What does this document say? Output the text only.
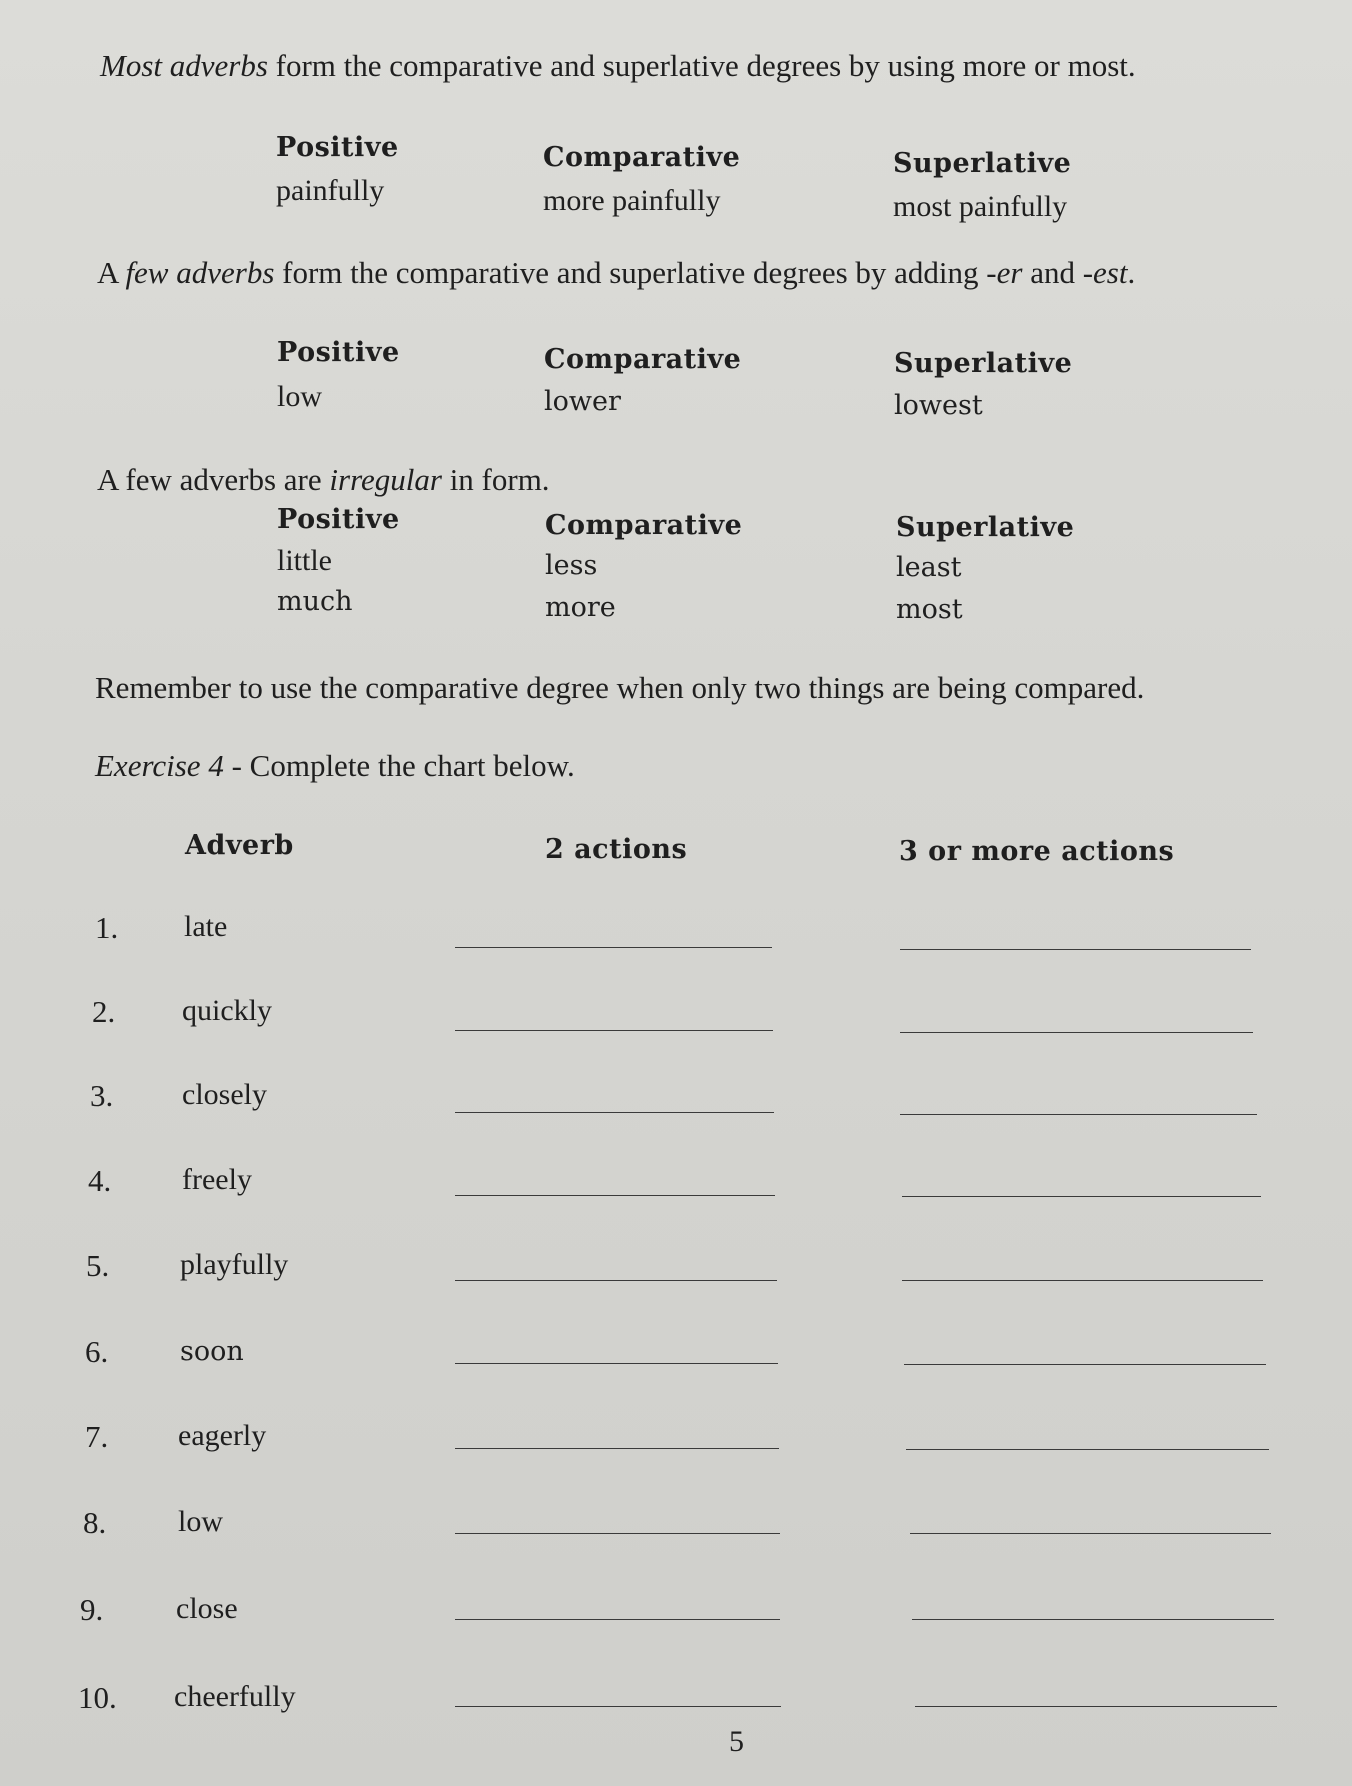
Most adverbs form the comparative and superlative degrees by using more or most.
Positive	Comparative	Superlative
painfully	more painfully	most painfully
A few adverbs form the comparative and superlative degrees by adding -er and -est.
Positive	Comparative	Superlative
low	lower	lowest
A few adverbs are irregular in form.
Positive	Comparative	Superlative
little	less	least
much	more	most
Remember to use the comparative degree when only two things are being compared.
Exercise 4 - Complete the chart below.
Adverb	2 actions	3 or more actions
1. late
2. quickly
3. closely
4. freely
5. playfully
6.	soon
7. eagerly
8. low
9. close
10. cheerfully
5
